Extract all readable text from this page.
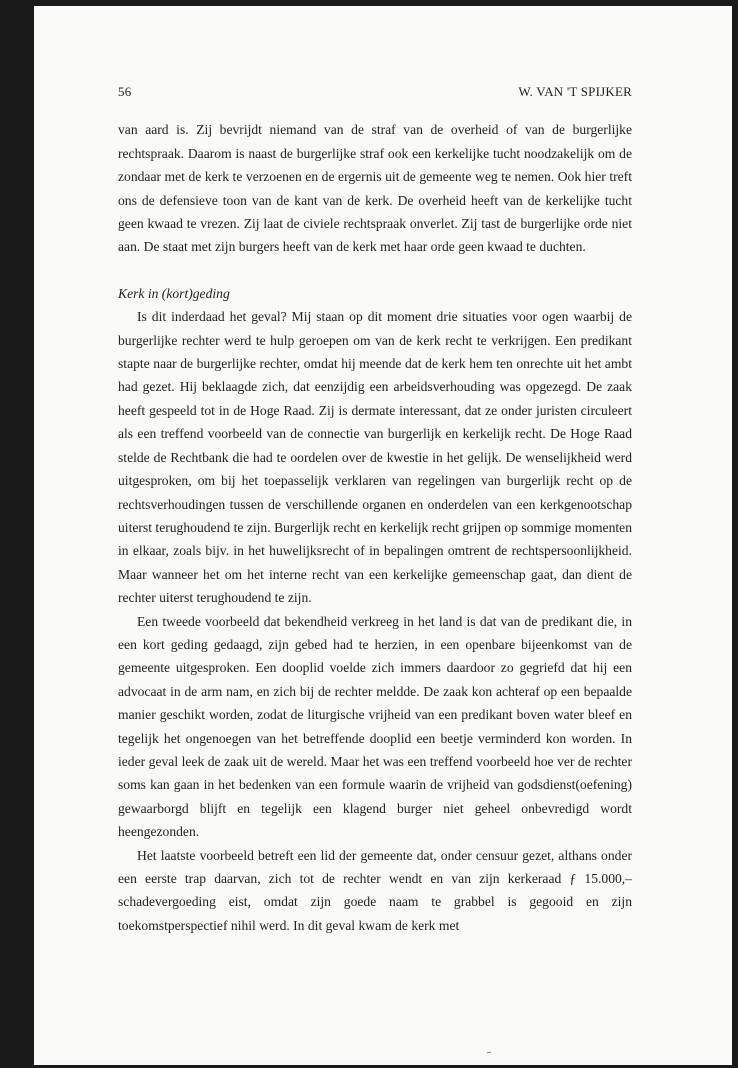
56	W. VAN 'T SPIJKER

van aard is. Zij bevrijdt niemand van de straf van de overheid of van de burgerlijke rechtspraak. Daarom is naast de burgerlijke straf ook een kerkelijke tucht noodzakelijk om de zondaar met de kerk te verzoenen en de ergernis uit de gemeente weg te nemen. Ook hier treft ons de defensieve toon van de kant van de kerk. De overheid heeft van de kerkelijke tucht geen kwaad te vrezen. Zij laat de civiele rechtspraak onverlet. Zij tast de burgerlijke orde niet aan. De staat met zijn burgers heeft van de kerk met haar orde geen kwaad te duchten.

Kerk in (kort)geding

Is dit inderdaad het geval? Mij staan op dit moment drie situaties voor ogen waarbij de burgerlijke rechter werd te hulp geroepen om van de kerk recht te verkrijgen. Een predikant stapte naar de burgerlijke rechter, omdat hij meende dat de kerk hem ten onrechte uit het ambt had gezet. Hij beklaagde zich, dat eenzijdig een arbeidsverhouding was opgezegd. De zaak heeft gespeeld tot in de Hoge Raad. Zij is dermate interessant, dat ze onder juristen circuleert als een treffend voorbeeld van de connectie van burgerlijk en kerkelijk recht. De Hoge Raad stelde de Rechtbank die had te oordelen over de kwestie in het gelijk. De wenselijkheid werd uitgesproken, om bij het toepasselijk verklaren van regelingen van burgerlijk recht op de rechtsverhoudingen tussen de verschillende organen en onderdelen van een kerkgenootschap uiterst terughoudend te zijn. Burgerlijk recht en kerkelijk recht grijpen op sommige momenten in elkaar, zoals bijv. in het huwelijksrecht of in bepalingen omtrent de rechtspersoonlijkheid. Maar wanneer het om het interne recht van een kerkelijke gemeenschap gaat, dan dient de rechter uiterst terughoudend te zijn.

Een tweede voorbeeld dat bekendheid verkreeg in het land is dat van de predikant die, in een kort geding gedaagd, zijn gebed had te herzien, in een openbare bijeenkomst van de gemeente uitgesproken. Een dooplid voelde zich immers daardoor zo gegriefd dat hij een advocaat in de arm nam, en zich bij de rechter meldde. De zaak kon achteraf op een bepaalde manier geschikt worden, zodat de liturgische vrijheid van een predikant boven water bleef en tegelijk het ongenoegen van het betreffende dooplid een beetje verminderd kon worden. In ieder geval leek de zaak uit de wereld. Maar het was een treffend voorbeeld hoe ver de rechter soms kan gaan in het bedenken van een formule waarin de vrijheid van godsdienst(oefening) gewaarborgd blijft en tegelijk een klagend burger niet geheel onbevredigd wordt heengezonden.

Het laatste voorbeeld betreft een lid der gemeente dat, onder censuur gezet, althans onder een eerste trap daarvan, zich tot de rechter wendt en van zijn kerkeraad ƒ 15.000,– schadevergoeding eist, omdat zijn goede naam te grabbel is gegooid en zijn toekomstperspectief nihil werd. In dit geval kwam de kerk met
